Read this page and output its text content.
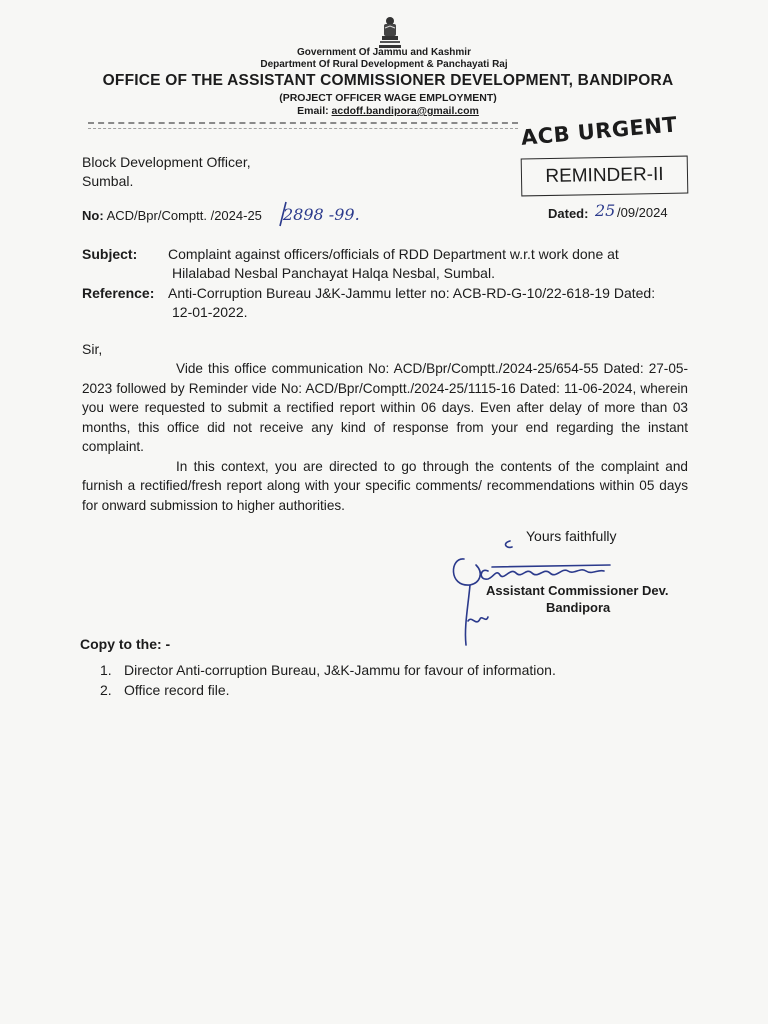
Government Of Jammu and Kashmir
Department Of Rural Development & Panchayati Raj
OFFICE OF THE ASSISTANT COMMISSIONER DEVELOPMENT, BANDIPORA
(PROJECT OFFICER WAGE EMPLOYMENT)
Email: acdoff.bandipora@gmail.com
ACB URGENT
REMINDER-II
Block Development Officer,
Sumbal.
No: ACD/Bpr/Comptt. /2024-25 2898 -99.	Dated: 25 /09/2024
Subject: Complaint against officers/officials of RDD Department w.r.t work done at
Hilalabad Nesbal Panchayat Halqa Nesbal, Sumbal.
Reference: Anti-Corruption Bureau J&K-Jammu letter no: ACB-RD-G-10/22-618-19 Dated:
12-01-2022.
Sir,

Vide this office communication No: ACD/Bpr/Comptt./2024-25/654-55 Dated: 27-05-2023 followed by Reminder vide No: ACD/Bpr/Comptt./2024-25/1115-16 Dated: 11-06-2024, wherein you were requested to submit a rectified report within 06 days. Even after delay of more than 03 months, this office did not receive any kind of response from your end regarding the instant complaint.

In this context, you are directed to go through the contents of the complaint and furnish a rectified/fresh report along with your specific comments/ recommendations within 05 days for onward submission to higher authorities.

Yours faithfully
Assistant Commissioner Dev.
Bandipora
Copy to the: -
1. Director Anti-corruption Bureau, J&K-Jammu for favour of information.
2. Office record file.
